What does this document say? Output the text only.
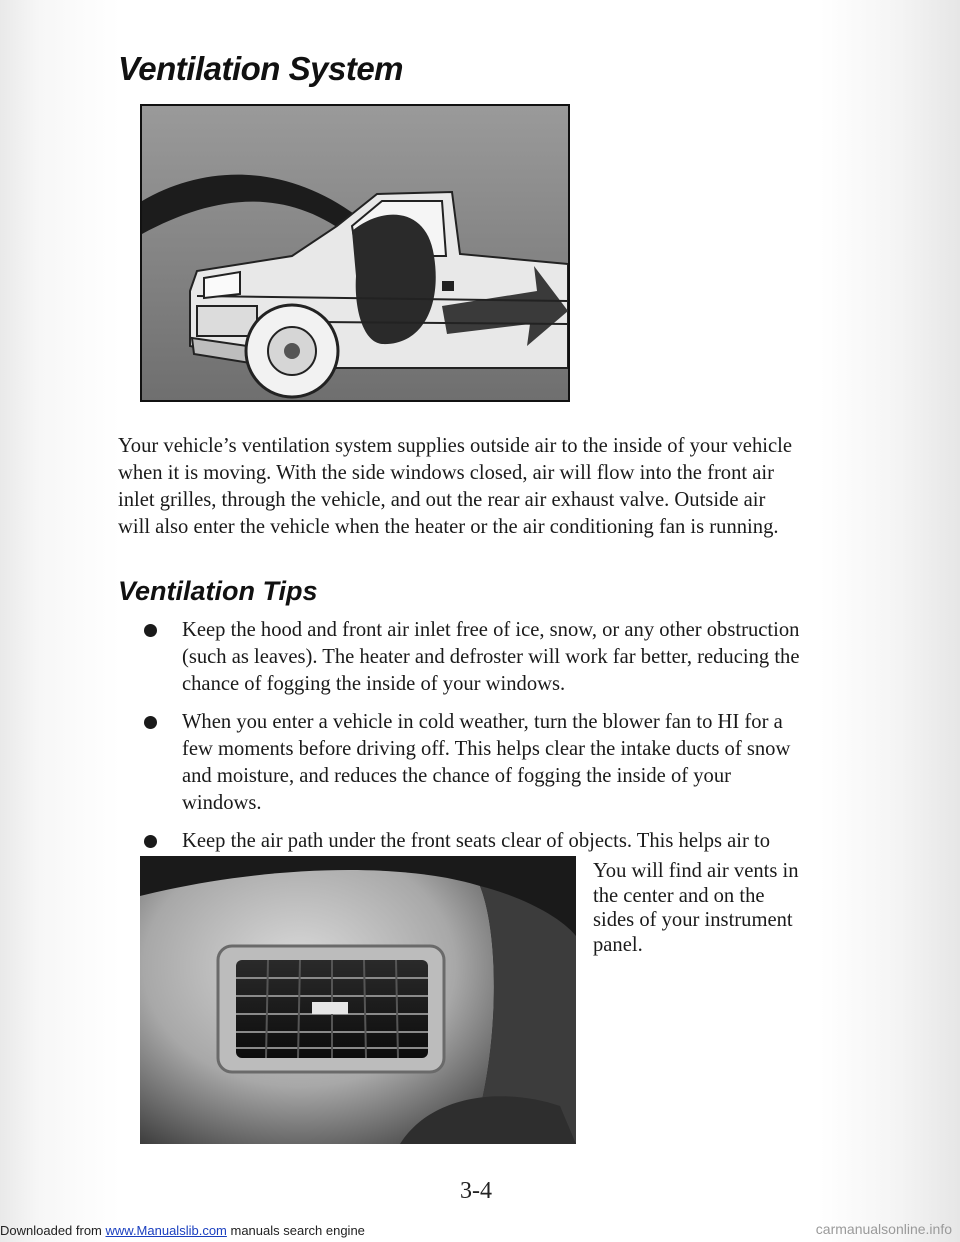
Ventilation System

Your vehicle’s ventilation system supplies outside air to the inside of your vehicle when it is moving. With the side windows closed, air will flow into the front air inlet grilles, through the vehicle, and out the rear air exhaust valve. Outside air will also enter the vehicle when the heater or the air conditioning fan is running.

Ventilation Tips
Keep the hood and front air inlet free of ice, snow, or any other obstruction (such as leaves). The heater and defroster will work far better, reducing the chance of fogging the inside of your windows.
When you enter a vehicle in cold weather, turn the blower fan to HI for a few moments before driving off. This helps clear the intake ducts of snow and moisture, and reduces the chance of fogging the inside of your windows.
Keep the air path under the front seats clear of objects. This helps air to

You will find air vents in the center and on the sides of your instrument panel.

3-4

Downloaded from www.Manualslib.com manuals search engine	carmanualsonline.info
